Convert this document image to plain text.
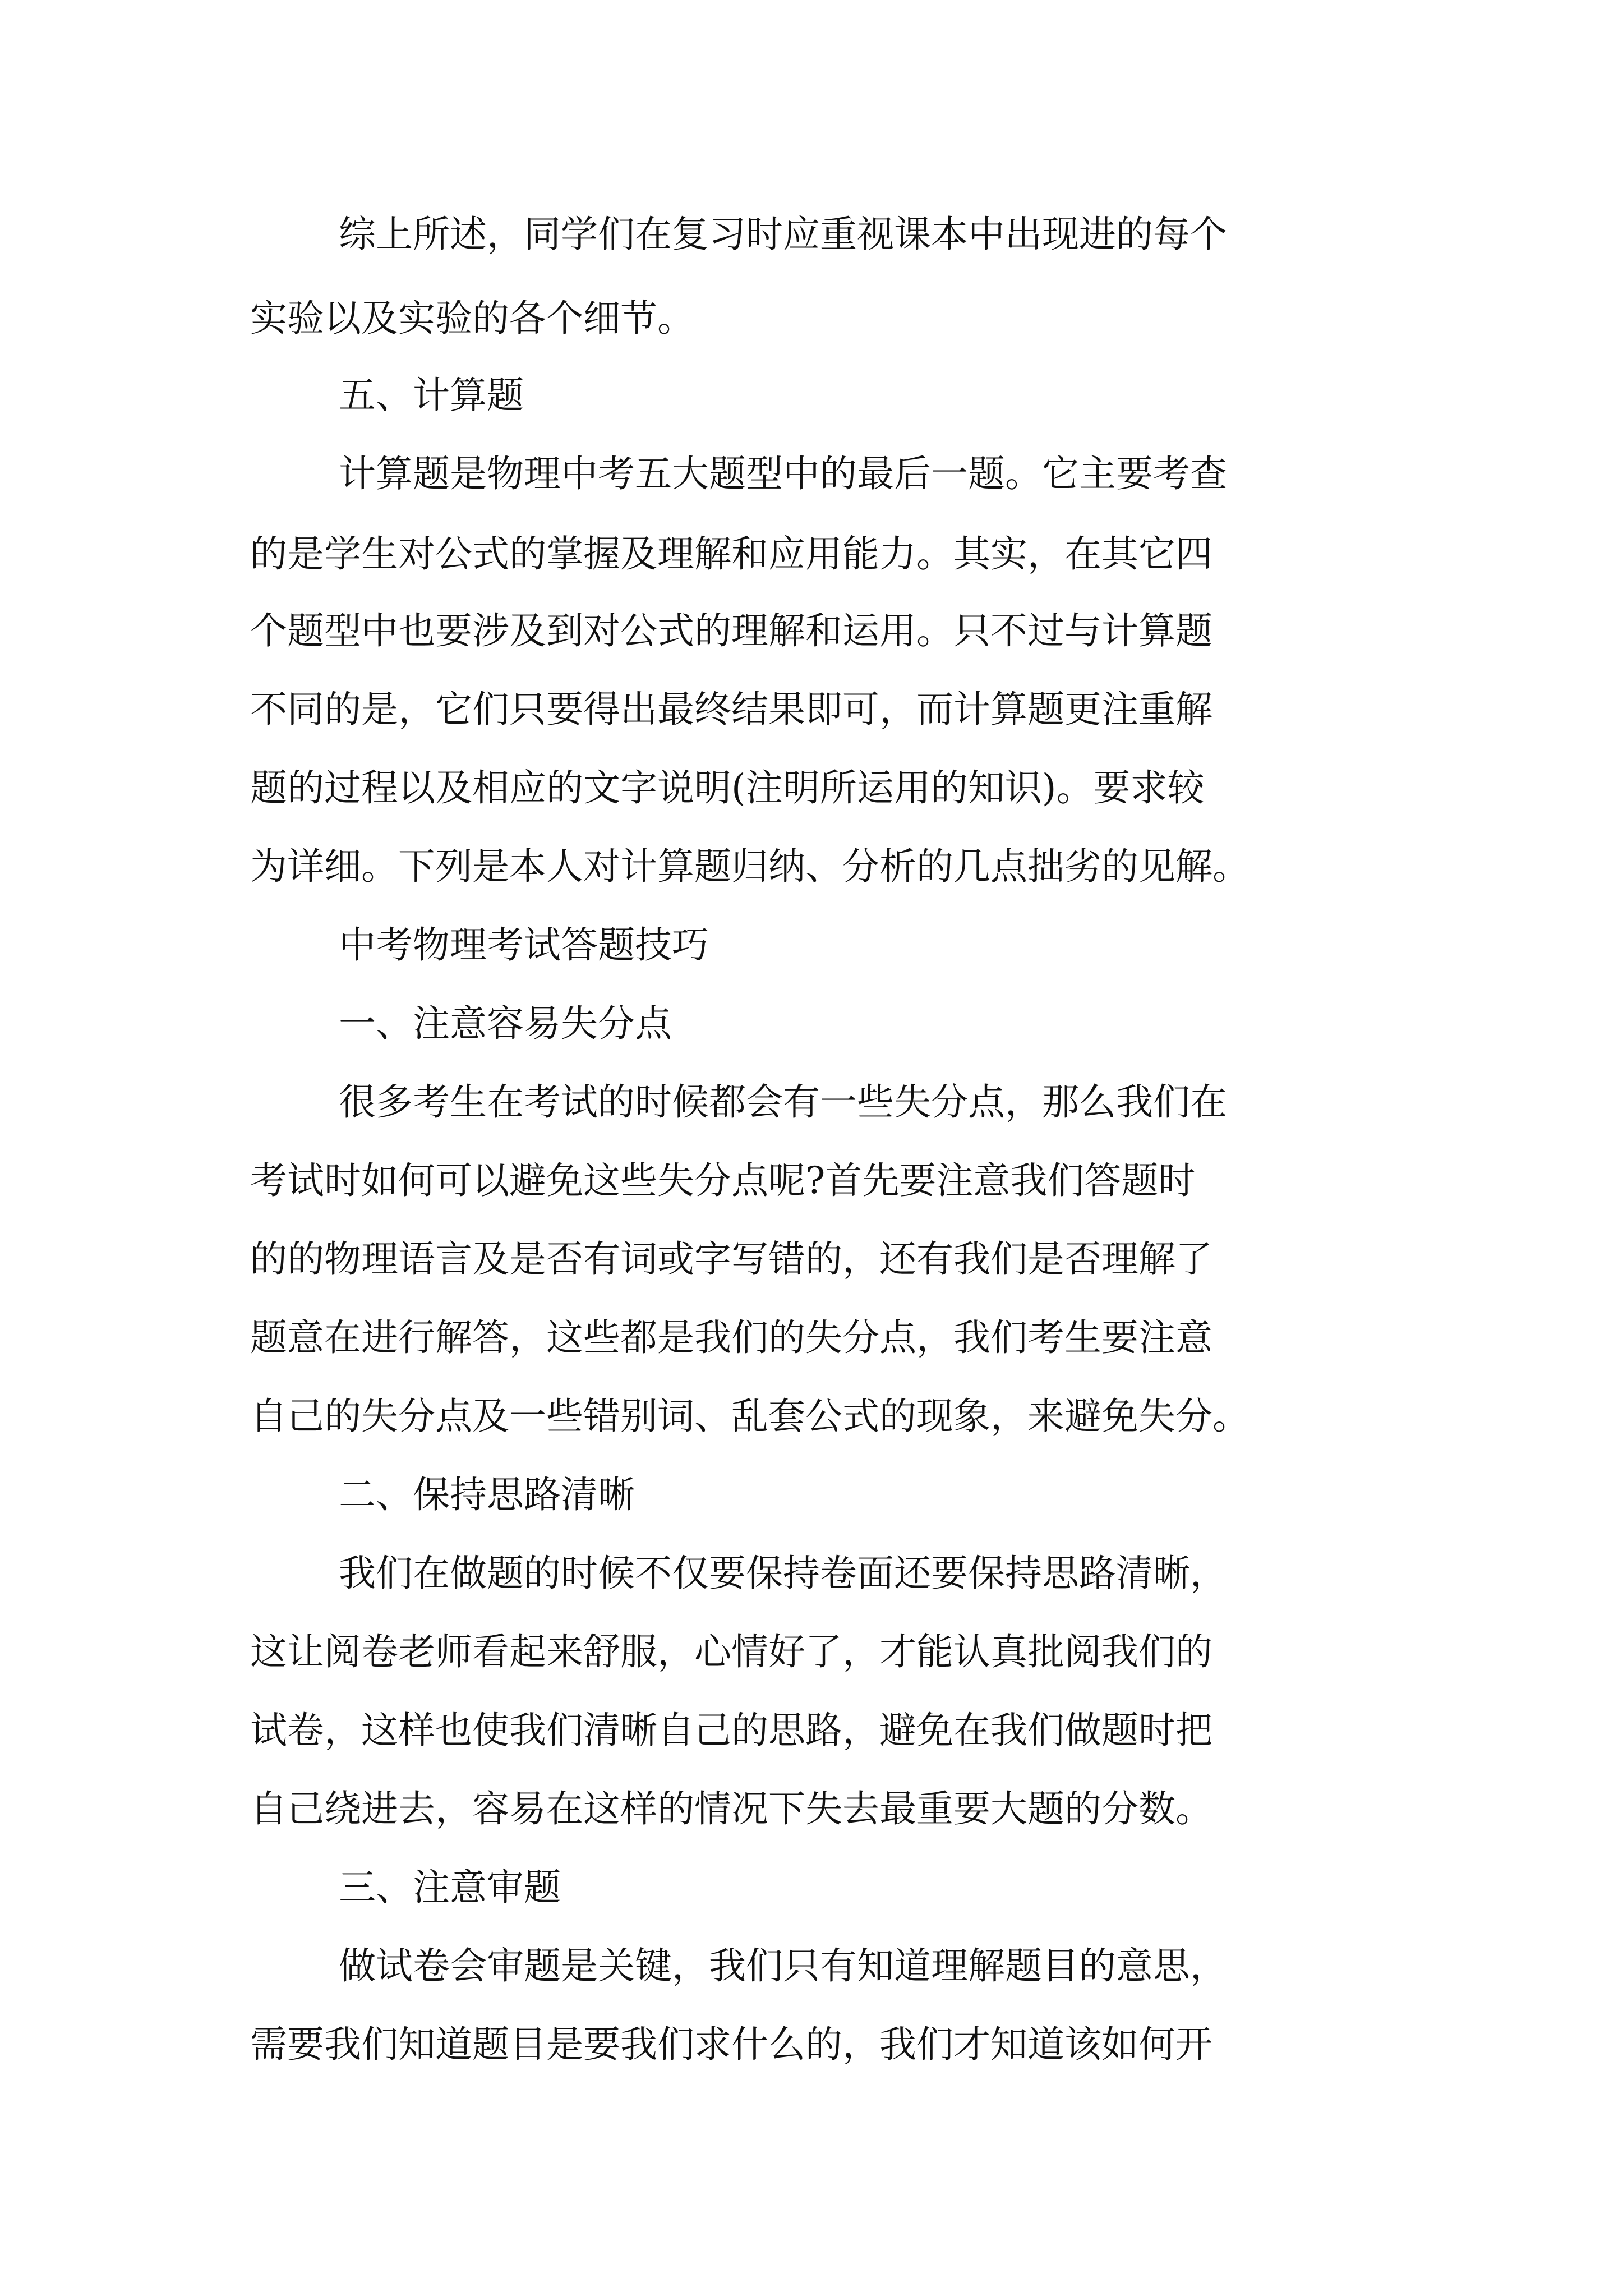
综上所述，同学们在复习时应重视课本中出现进的每个

实验以及实验的各个细节。

五、计算题

计算题是物理中考五大题型中的最后一题。它主要考查

的是学生对公式的掌握及理解和应用能力。其实，在其它四

个题型中也要涉及到对公式的理解和运用。只不过与计算题

不同的是，它们只要得出最终结果即可，而计算题更注重解

题的过程以及相应的文字说明(注明所运用的知识)。要求较

为详细。下列是本人对计算题归纳、分析的几点拙劣的见解。

中考物理考试答题技巧

一、注意容易失分点

很多考生在考试的时候都会有一些失分点，那么我们在

考试时如何可以避免这些失分点呢?首先要注意我们答题时

的的物理语言及是否有词或字写错的，还有我们是否理解了

题意在进行解答，这些都是我们的失分点，我们考生要注意

自己的失分点及一些错别词、乱套公式的现象，来避免失分。

二、保持思路清晰

我们在做题的时候不仅要保持卷面还要保持思路清晰，

这让阅卷老师看起来舒服，心情好了，才能认真批阅我们的

试卷，这样也使我们清晰自己的思路，避免在我们做题时把

自己绕进去，容易在这样的情况下失去最重要大题的分数。

三、注意审题

做试卷会审题是关键，我们只有知道理解题目的意思，

需要我们知道题目是要我们求什么的，我们才知道该如何开
